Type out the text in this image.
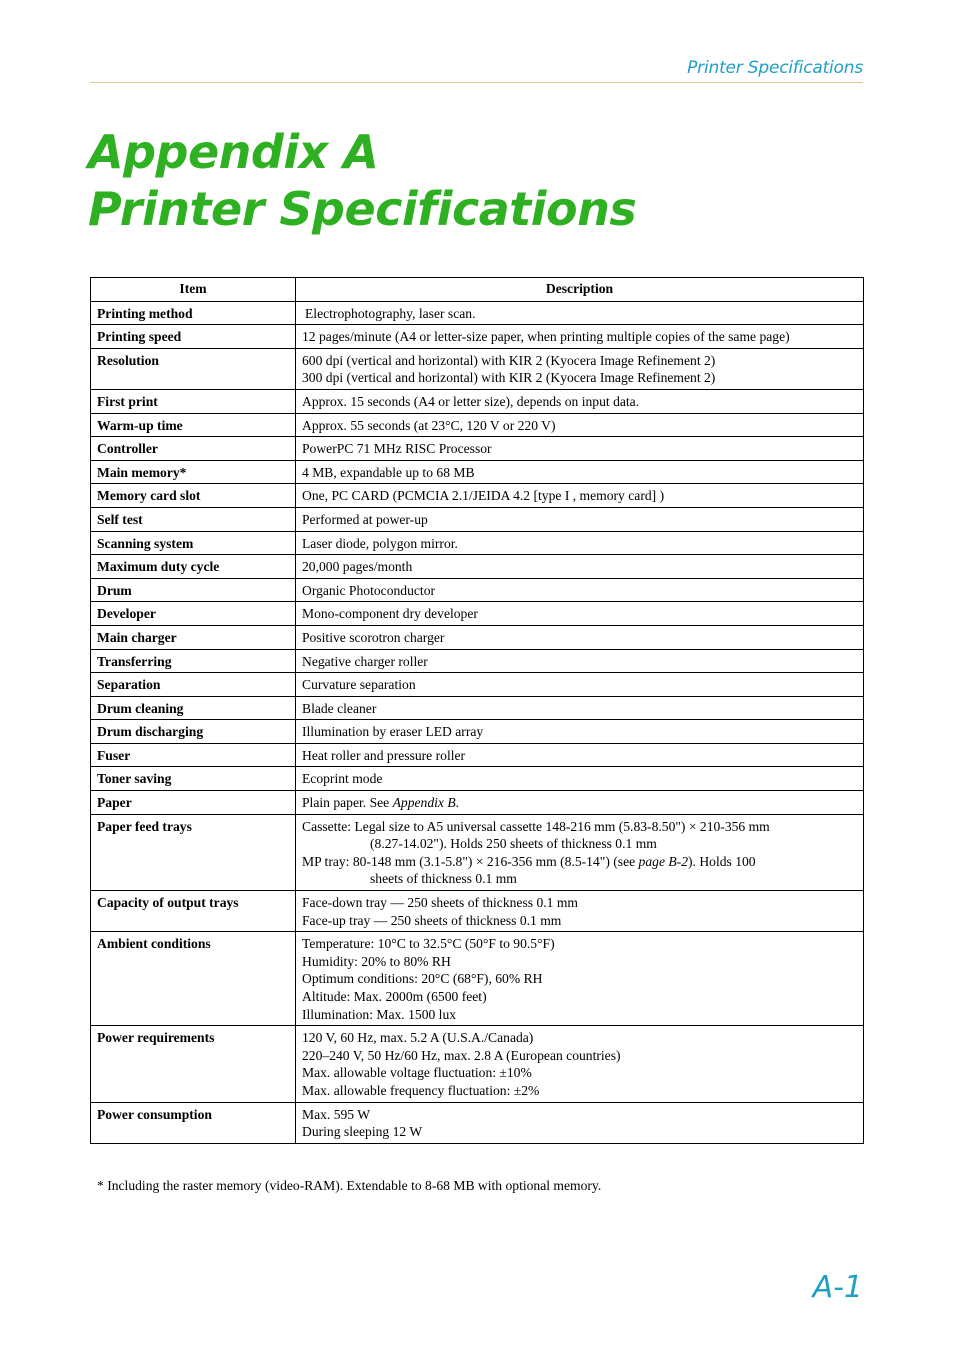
Printer Specifications
Appendix A
Printer Specifications
Item	Description
Printing method	Electrophotography, laser scan.

Printing speed	12 pages/minute (A4 or letter-size paper, when printing multiple copies of the same page)

Resolution	600 dpi (vertical and horizontal) with KIR 2 (Kyocera Image Refinement 2)
300 dpi (vertical and horizontal) with KIR 2 (Kyocera Image Refinement 2)

First print	Approx. 15 seconds (A4 or letter size), depends on input data.

Warm-up time	Approx. 55 seconds (at 23°C, 120 V or 220 V)

Controller	PowerPC 71 MHz RISC Processor

Main memory*	4 MB, expandable up to 68 MB

Memory card slot	One, PC CARD (PCMCIA 2.1/JEIDA 4.2 [type I , memory card] )

Self test	Performed at power-up

Scanning system	Laser diode, polygon mirror.

Maximum duty cycle	20,000 pages/month

Drum	Organic Photoconductor

Developer	Mono-component dry developer

Main charger	Positive scorotron charger

Transferring	Negative charger roller

Separation	Curvature separation

Drum cleaning	Blade cleaner

Drum discharging	Illumination by eraser LED array

Fuser	Heat roller and pressure roller

Toner saving	Ecoprint mode

Paper	Plain paper. See Appendix B.

Paper feed trays	Cassette: Legal size to A5 universal cassette 148-216 mm (5.83-8.50") × 210-356 mm
(8.27-14.02"). Holds 250 sheets of thickness 0.1 mm
MP tray: 80-148 mm (3.1-5.8") × 216-356 mm (8.5-14") (see page B-2). Holds 100
sheets of thickness 0.1 mm

Capacity of output trays	Face-down tray — 250 sheets of thickness 0.1 mm
Face-up tray — 250 sheets of thickness 0.1 mm

Ambient conditions	Temperature: 10°C to 32.5°C (50°F to 90.5°F)
Humidity: 20% to 80% RH
Optimum conditions: 20°C (68°F), 60% RH
Altitude: Max. 2000m (6500 feet)
Illumination: Max. 1500 lux

Power requirements	120 V, 60 Hz, max. 5.2 A (U.S.A./Canada)
220–240 V, 50 Hz/60 Hz, max. 2.8 A (European countries)
Max. allowable voltage fluctuation: ±10%
Max. allowable frequency fluctuation: ±2%

Power consumption	Max. 595 W
During sleeping 12 W
* Including the raster memory (video-RAM). Extendable to 8-68 MB with optional memory.
A-1
